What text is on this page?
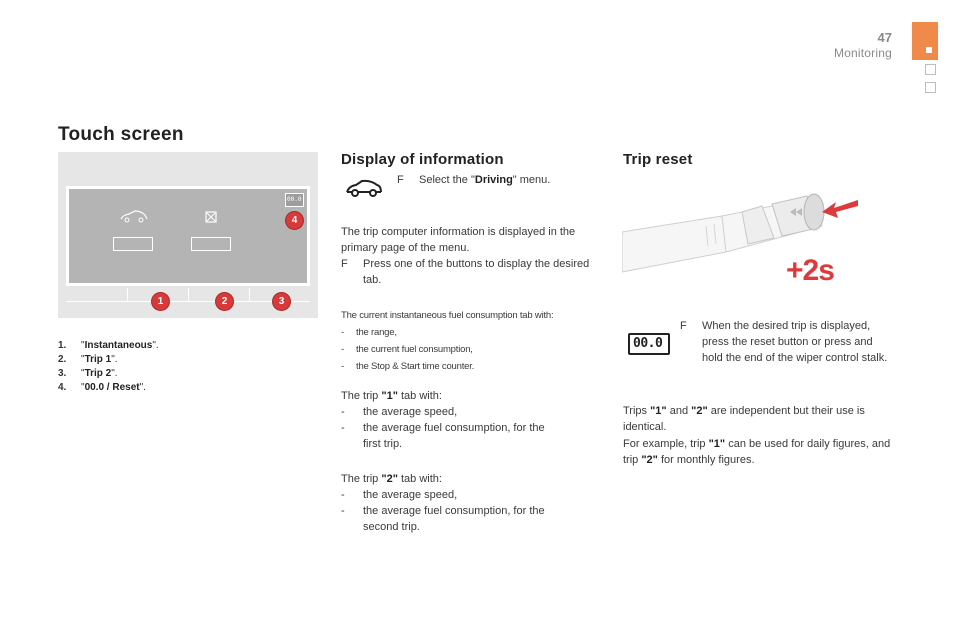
47
Monitoring
Touch screen
00.0
4
1	2	3
1.	"Instantaneous".
2.	"Trip 1".
3.	"Trip 2".
4.	"00.0 / Reset".
Display of information
F	Select the "Driving" menu.
The trip computer information is displayed in the primary page of the menu.
F	Press one of the buttons to display the desired tab.
The current instantaneous fuel consumption tab with:
-	the range,
-	the current fuel consumption,
-	the Stop & Start time counter.
The trip "1" tab with:
-	the average speed,
-	the average fuel consumption, for the first trip.
The trip "2" tab with:
-	the average speed,
-	the average fuel consumption, for the second trip.
Trip reset
+2s
00.0
F	When the desired trip is displayed, press the reset button or press and hold the end of the wiper control stalk.
Trips "1" and "2" are independent but their use is identical.
For example, trip "1" can be used for daily figures, and trip "2" for monthly figures.
